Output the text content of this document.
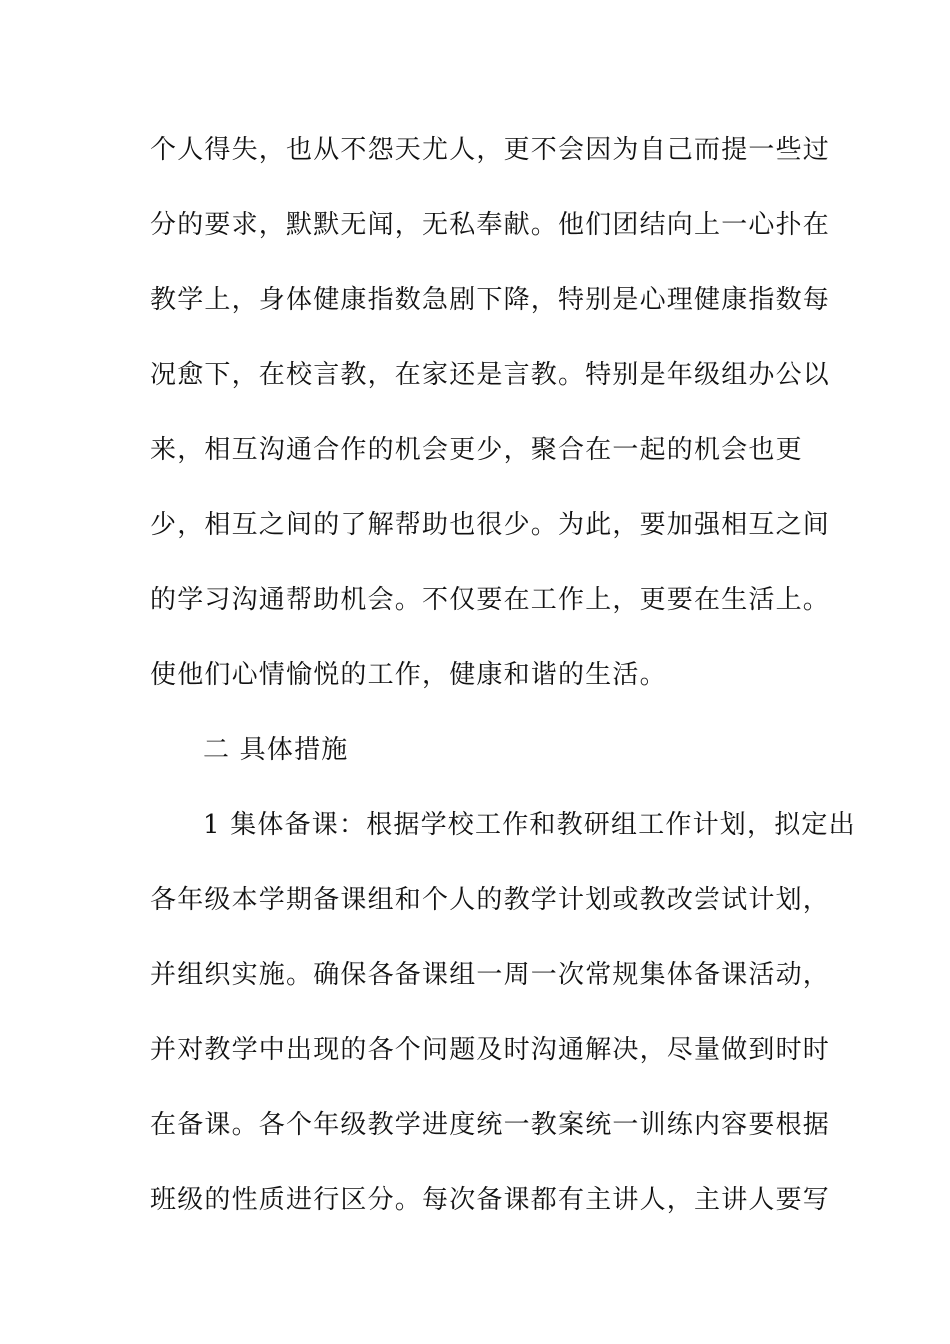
个人得失，也从不怨天尤人，更不会因为自己而提一些过
分的要求，默默无闻，无私奉献。他们团结向上一心扑在
教学上，身体健康指数急剧下降，特别是心理健康指数每
况愈下，在校言教，在家还是言教。特别是年级组办公以
来，相互沟通合作的机会更少，聚合在一起的机会也更
少，相互之间的了解帮助也很少。为此，要加强相互之间
的学习沟通帮助机会。不仅要在工作上，更要在生活上。
使他们心情愉悦的工作，健康和谐的生活。
二 具体措施
1 集体备课：根据学校工作和教研组工作计划，拟定出
各年级本学期备课组和个人的教学计划或教改尝试计划，
并组织实施。确保各备课组一周一次常规集体备课活动，
并对教学中出现的各个问题及时沟通解决，尽量做到时时
在备课。各个年级教学进度统一教案统一训练内容要根据
班级的性质进行区分。每次备课都有主讲人，主讲人要写
